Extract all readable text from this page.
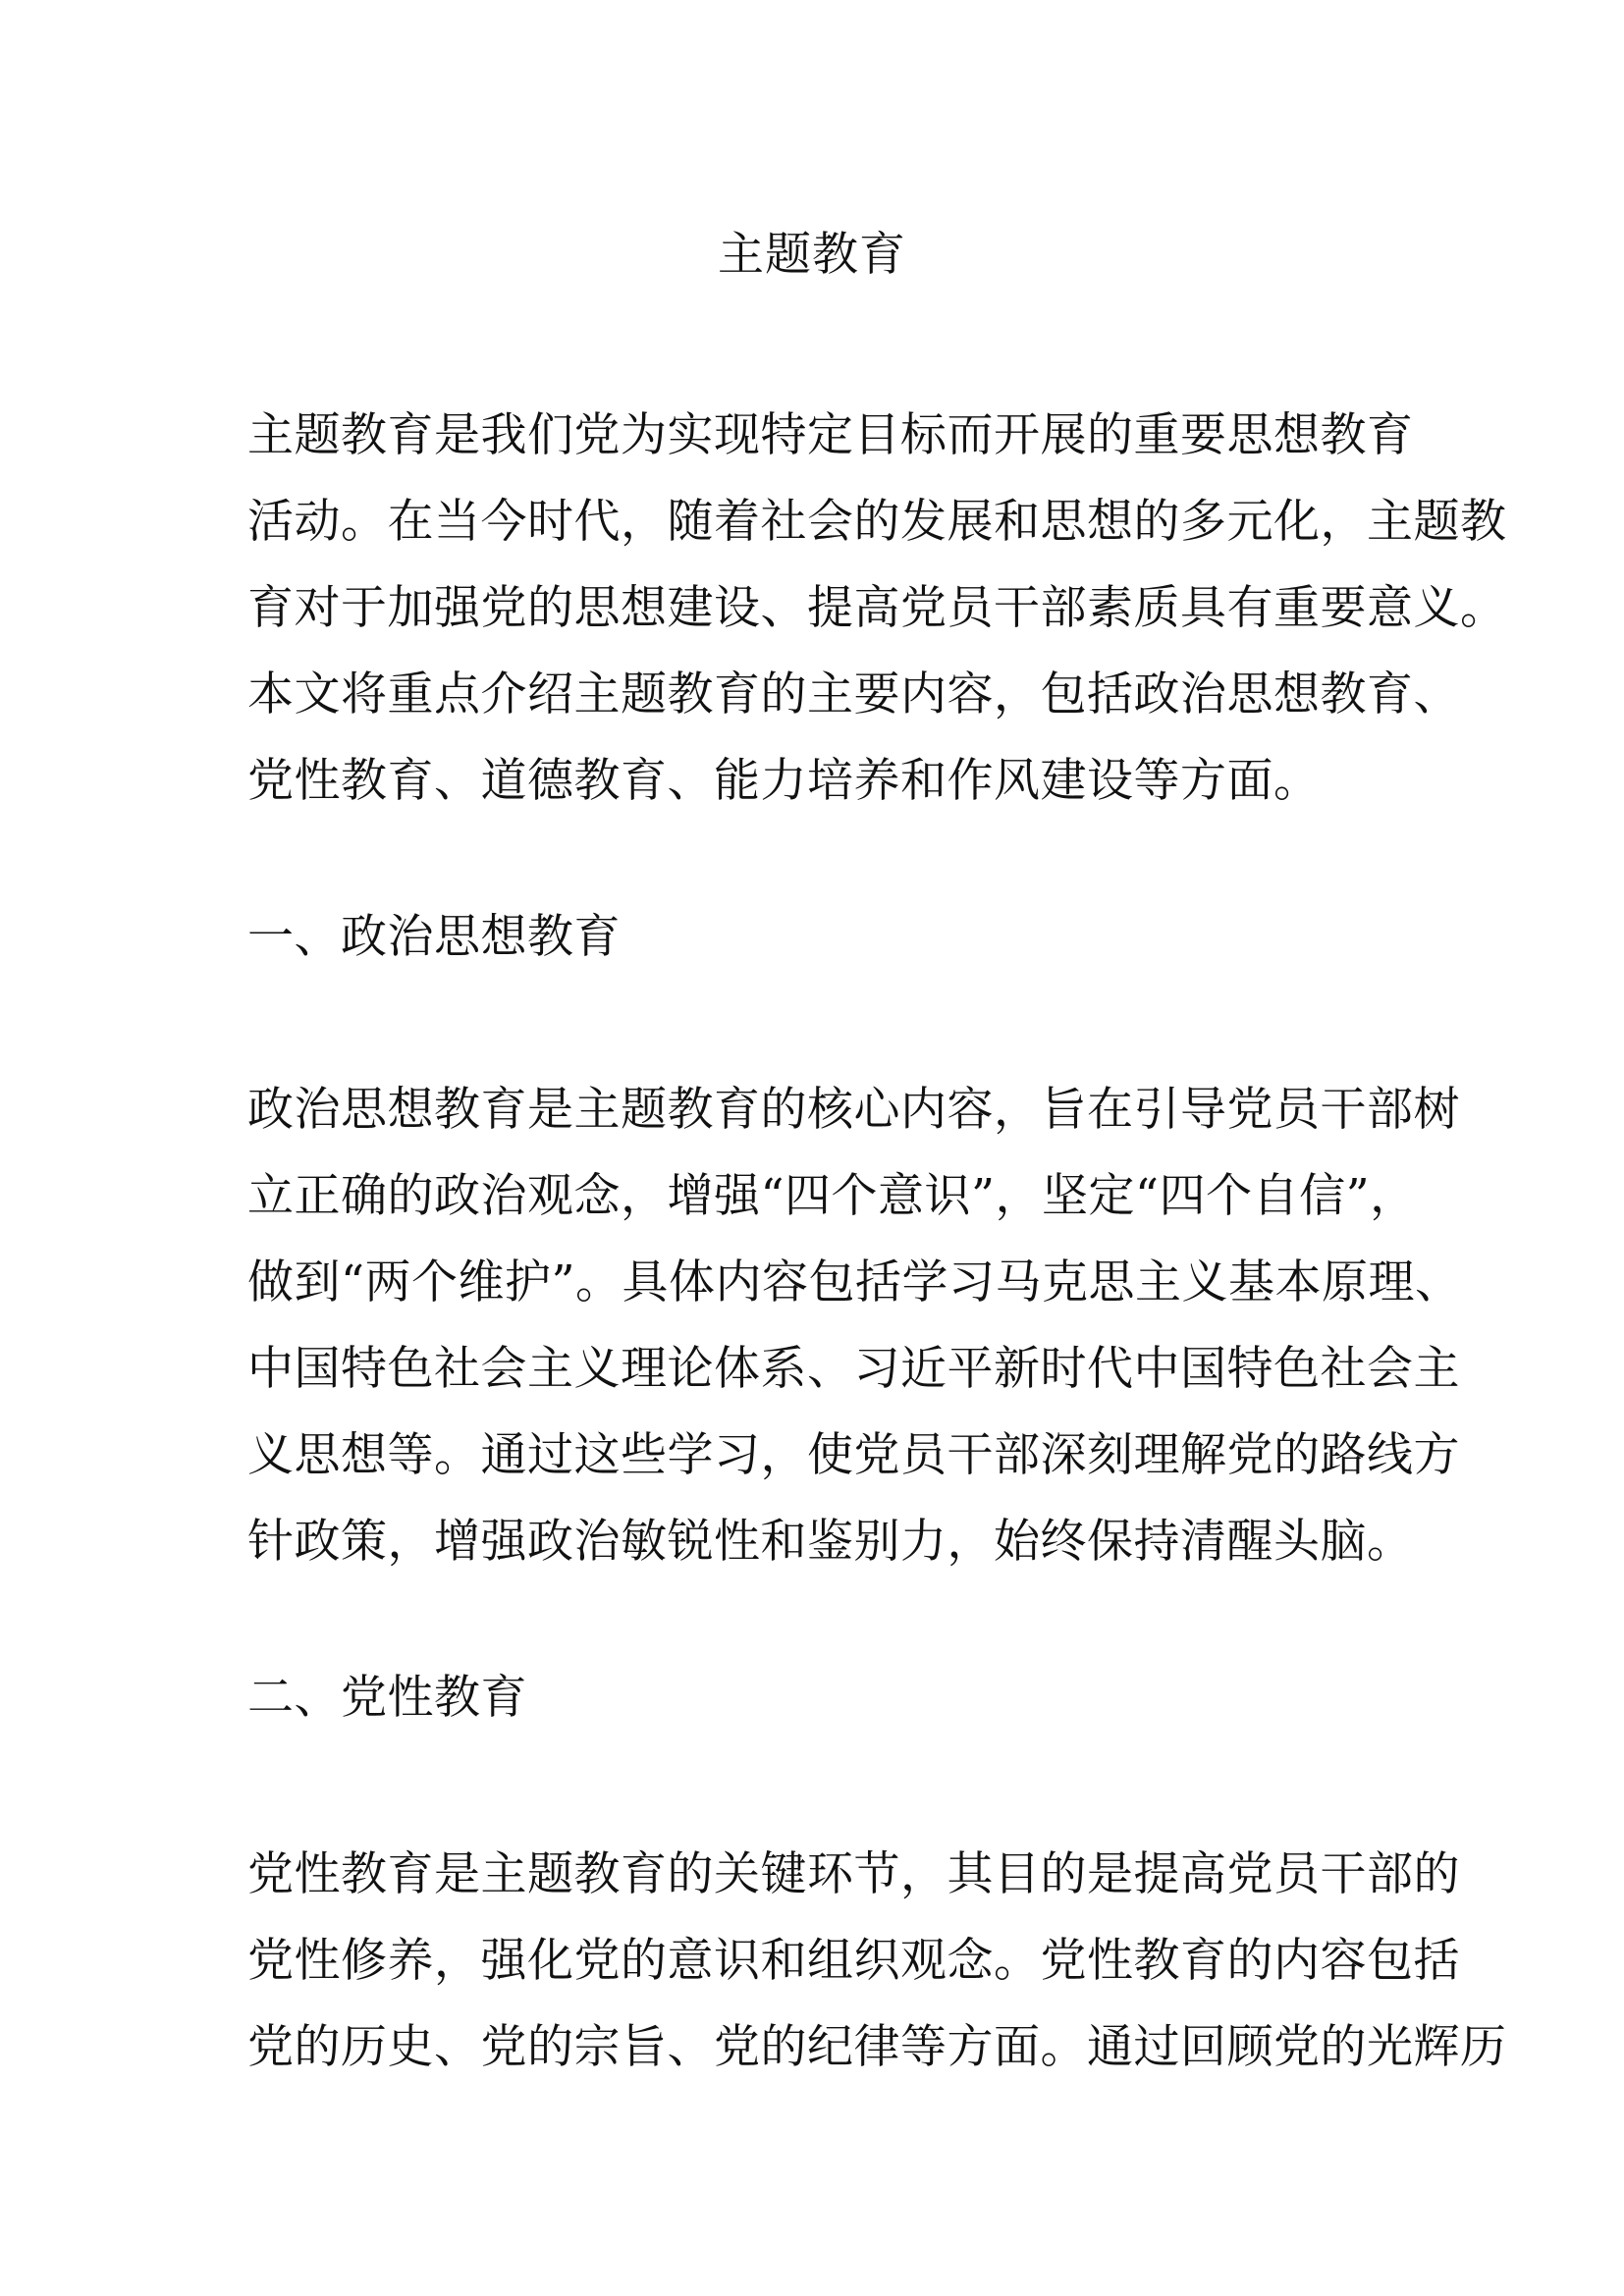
主题教育

主题教育是我们党为实现特定目标而开展的重要思想教育

活动。在当今时代，随着社会的发展和思想的多元化，主题教

育对于加强党的思想建设、提高党员干部素质具有重要意义。

本文将重点介绍主题教育的主要内容，包括政治思想教育、

党性教育、道德教育、能力培养和作风建设等方面。

一、政治思想教育

政治思想教育是主题教育的核心内容，旨在引导党员干部树

立正确的政治观念，增强“四个意识”，坚定“四个自信”，

做到“两个维护”。具体内容包括学习马克思主义基本原理、

中国特色社会主义理论体系、习近平新时代中国特色社会主

义思想等。通过这些学习，使党员干部深刻理解党的路线方

针政策，增强政治敏锐性和鉴别力，始终保持清醒头脑。

二、党性教育

党性教育是主题教育的关键环节，其目的是提高党员干部的

党性修养，强化党的意识和组织观念。党性教育的内容包括

党的历史、党的宗旨、党的纪律等方面。通过回顾党的光辉历
